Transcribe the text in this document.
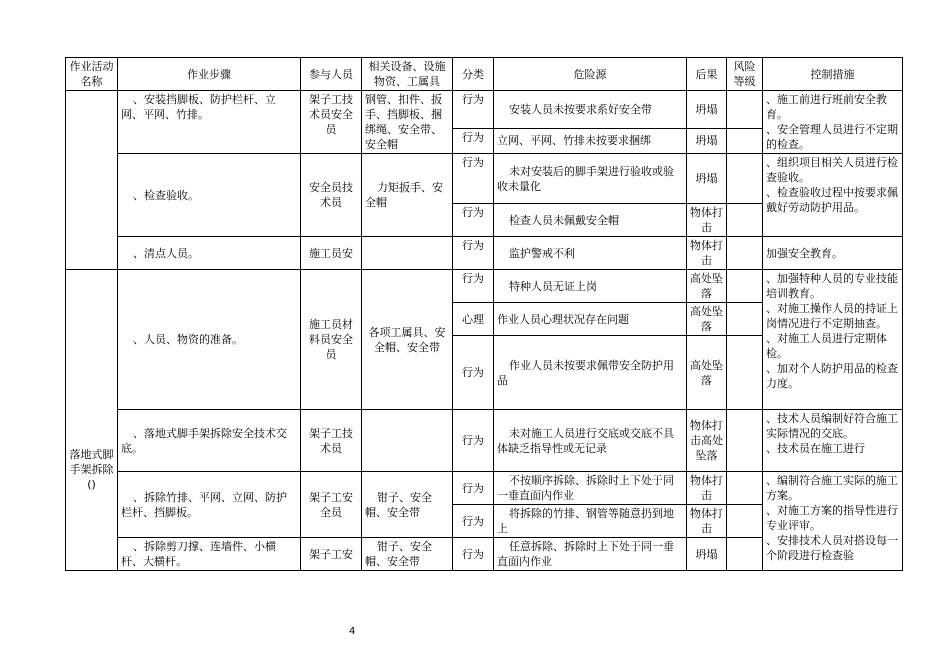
作业活动名称	作业步骤	参与人员	相关设备、设施物资、工属具	分类	危险源	后果	风险等级	控制措施
	、安装挡脚板、防护栏杆、立网、平网、竹排。	架子工技术员安全员	钢管、扣件、扳手、挡脚板、捆绑绳、安全带、安全帽	行为	安装人员未按要求系好安全带	坍塌		、施工前进行班前安全教育。
、安全管理人员进行不定期的检查。
				行为	立网、平网、竹排未按要求捆绑	坍塌		
	、检查验收。	安全员技术员	力矩扳手、安全帽	行为	未对安装后的脚手架进行验收或验收未量化	坍塌		、组织项目相关人员进行检查验收。
、检查验收过程中按要求佩戴好劳动防护用品。
				行为	检查人员未佩戴安全帽	物体打击		
	、清点人员。	施工员安		行为	监护警戒不利	物体打击		加强安全教育。
落地式脚手架拆除()	、人员、物资的准备。	施工员材料员安全员	各项工属具、安全帽、安全带	行为	特种人员无证上岗	高处坠落		、加强特种人员的专业技能培训教育。
、对施工操作人员的持证上岗情况进行不定期抽查。
、对施工人员进行定期体检。
、加对个人防护用品的检查力度。
				心理	作业人员心理状况存在问题	高处坠落		
				行为	作业人员未按要求佩带安全防护用品	高处坠落		
	、落地式脚手架拆除安全技术交底。	架子工技术员		行为	未对施工人员进行交底或交底不具体缺乏指导性或无记录	物体打击高处坠落		、技术人员编制好符合施工实际情况的交底。
、技术员在施工进行
	、拆除竹排、平网、立网、防护栏杆、挡脚板。	架子工安全员	钳子、安全帽、安全带	行为	不按顺序拆除、拆除时上下处于同一垂直面内作业	物体打击		、编制符合施工实际的施工方案。
、对施工方案的指导性进行专业评审。
、安排技术人员对搭设每一个阶段进行检查验
				行为	将拆除的竹排、钢管等随意扔到地上	物体打击		
	、拆除剪刀撑、连墙件、小横杆、大横杆。	架子工安	钳子、安全帽、安全带	行为	任意拆除、拆除时上下处于同一垂直面内作业	坍塌		
4
